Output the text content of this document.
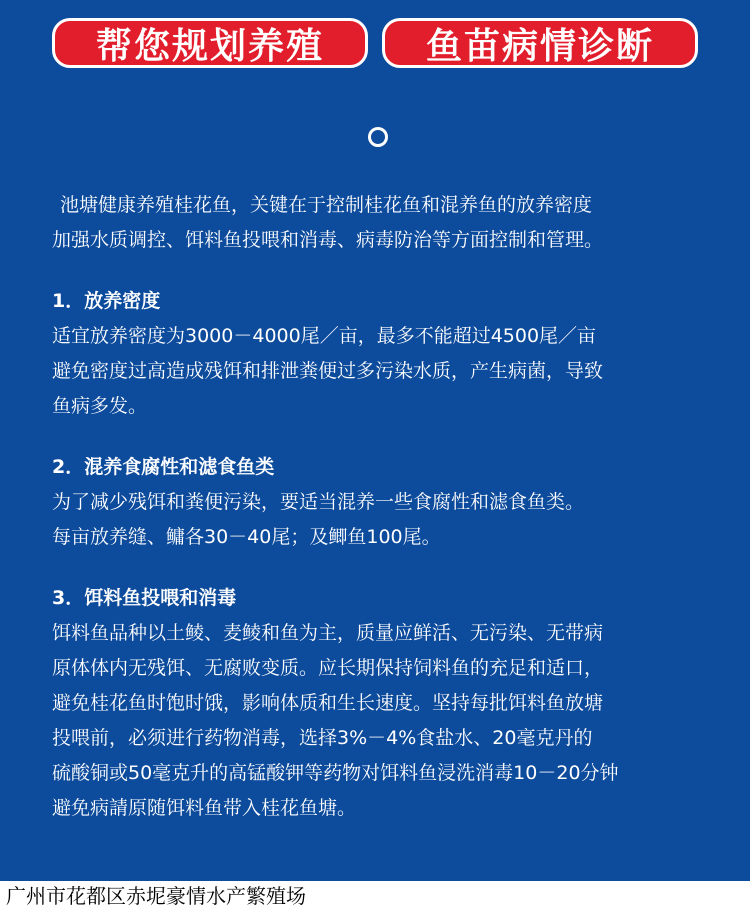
帮您规划养殖	鱼苗病情诊断

池塘健康养殖桂花鱼，关键在于控制桂花鱼和混养鱼的放养密度

加强水质调控、饵料鱼投喂和消毒、病毒防治等方面控制和管理。

1．放养密度

适宜放养密度为3000－4000尾／亩，最多不能超过4500尾／亩

避免密度过高造成残饵和排泄粪便过多污染水质，产生病菌，导致

鱼病多发。

2．混养食腐性和滤食鱼类

为了减少残饵和粪便污染，要适当混养一些食腐性和滤食鱼类。

每亩放养缝、鳙各30－40尾；及鲫鱼100尾。

3．饵料鱼投喂和消毒

饵料鱼品种以土鲮、麦鲮和鱼为主，质量应鲜活、无污染、无带病

原体体内无残饵、无腐败变质。应长期保持饲料鱼的充足和适口，

避免桂花鱼时饱时饿，影响体质和生长速度。坚持每批饵料鱼放塘

投喂前，必须进行药物消毒，选择3%－4%食盐水、20毫克丹的

硫酸铜或50毫克升的高锰酸钾等药物对饵料鱼浸洗消毒10－20分钟

避免病請原随饵料鱼带入桂花鱼塘。

广州市花都区赤坭豪情水产繁殖场
